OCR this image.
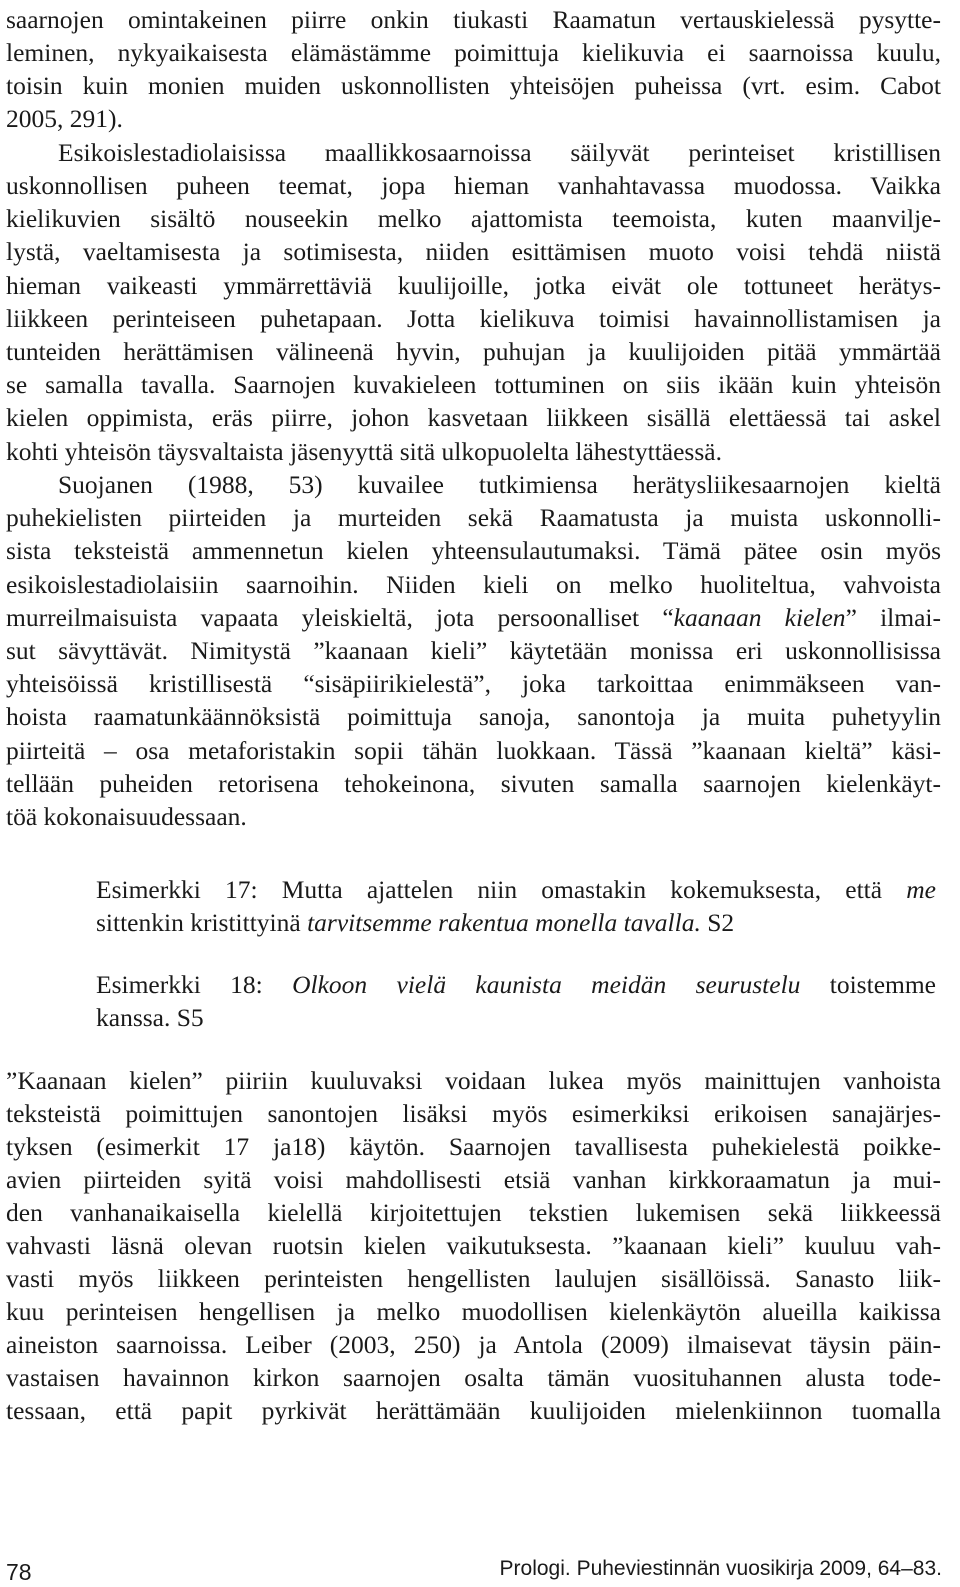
saarnojen omintakeinen piirre onkin tiukasti Raamatun vertauskielessä pysytte-
leminen, nykyaikaisesta elämästämme poimittuja kielikuvia ei saarnoissa kuulu,
toisin kuin monien muiden uskonnollisten yhteisöjen puheissa (vrt. esim. Cabot
2005, 291).
Esikoislestadiolaisissa maallikkosaarnoissa säilyvät perinteiset kristillisen
uskonnollisen puheen teemat, jopa hieman vanhahtavassa muodossa. Vaikka
kielikuvien sisältö nouseekin melko ajattomista teemoista, kuten maanvilje-
lystä, vaeltamisesta ja sotimisesta, niiden esittämisen muoto voisi tehdä niistä
hieman vaikeasti ymmärrettäviä kuulijoille, jotka eivät ole tottuneet herätys-
liikkeen perinteiseen puhetapaan. Jotta kielikuva toimisi havainnollistamisen ja
tunteiden herättämisen välineenä hyvin, puhujan ja kuulijoiden pitää ymmärtää
se samalla tavalla. Saarnojen kuvakieleen tottuminen on siis ikään kuin yhteisön
kielen oppimista, eräs piirre, johon kasvetaan liikkeen sisällä elettäessä tai askel
kohti yhteisön täysvaltaista jäsenyyttä sitä ulkopuolelta lähestyttäessä.
Suojanen (1988, 53) kuvailee tutkimiensa herätysliikesaarnojen kieltä
puhekielisten piirteiden ja murteiden sekä Raamatusta ja muista uskonnolli-
sista teksteistä ammennetun kielen yhteensulautumaksi. Tämä pätee osin myös
esikoislestadiolaisiin saarnoihin. Niiden kieli on melko huoliteltua, vahvoista
murreilmaisuista vapaata yleiskieltä, jota persoonalliset “kaanaan kielen” ilmai-
sut sävyttävät. Nimitystä ”kaanaan kieli” käytetään monissa eri uskonnollisissa
yhteisöissä kristillisestä “sisäpiirikielestä”, joka tarkoittaa enimmäkseen van-
hoista raamatunkäännöksistä poimittuja sanoja, sanontoja ja muita puhetyylin
piirteitä – osa metaforistakin sopii tähän luokkaan. Tässä ”kaanaan kieltä” käsi-
tellään puheiden retorisena tehokeinona, sivuten samalla saarnojen kielenkäyt-
töä kokonaisuudessaan.
Esimerkki 17: Mutta ajattelen niin omastakin kokemuksesta, että me
sittenkin kristittyinä tarvitsemme rakentua monella tavalla. S2
Esimerkki 18: Olkoon vielä kaunista meidän seurustelu toistemme
kanssa. S5
”Kaanaan kielen” piiriin kuuluvaksi voidaan lukea myös mainittujen vanhoista
teksteistä poimittujen sanontojen lisäksi myös esimerkiksi erikoisen sanajärjes-
tyksen (esimerkit 17 ja18) käytön. Saarnojen tavallisesta puhekielestä poikke-
avien piirteiden syitä voisi mahdollisesti etsiä vanhan kirkkoraamatun ja mui-
den vanhanaikaisella kielellä kirjoitettujen tekstien lukemisen sekä liikkeessä
vahvasti läsnä olevan ruotsin kielen vaikutuksesta. ”kaanaan kieli” kuuluu vah-
vasti myös liikkeen perinteisten hengellisten laulujen sisällöissä. Sanasto liik-
kuu perinteisen hengellisen ja melko muodollisen kielenkäytön alueilla kaikissa
aineiston saarnoissa. Leiber (2003, 250) ja Antola (2009) ilmaisevat täysin päin-
vastaisen havainnon kirkon saarnojen osalta tämän vuosituhannen alusta tode-
tessaan, että papit pyrkivät herättämään kuulijoiden mielenkiinnon tuomalla
78	Prologi. Puheviestinnän vuosikirja 2009, 64–83.
